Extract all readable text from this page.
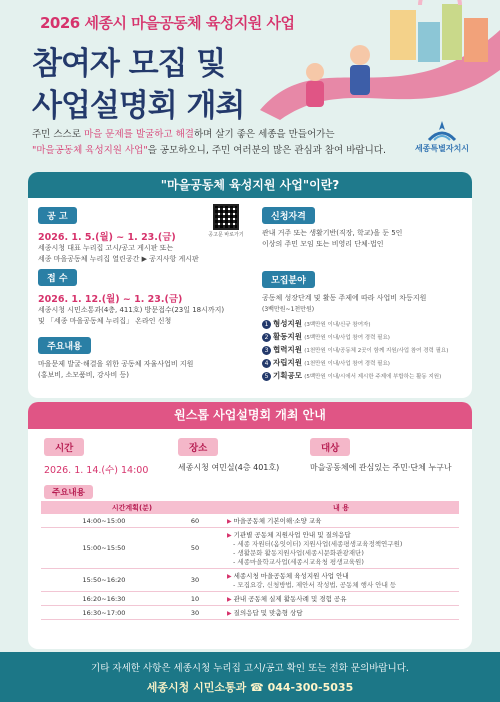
2026 세종시 마을공동체 육성지원 사업
참여자 모집 및
사업설명회 개최
주민 스스로 마을 문제를 발굴하고 해결하며 살기 좋은 세종을 만들어가는
"마을공동체 육성지원 사업"을 공모하오니, 주민 여러분의 많은 관심과 참여 바랍니다.	세종특별자치시
"마을공동체 육성지원 사업"이란?
공 고
2026. 1. 5.(월) ~ 1. 23.(금)
세종시청 대표 누리집 고시/공고 게시판 또는
세종 마을공동체 누리집 열린공간 ▶ 공지사항 게시판
공고문 바로가기
접 수
2026. 1. 12.(월) ~ 1. 23.(금)
세종시청 시민소통과(4층, 411호) 방문접수(23일 18시까지)
및 「세종 마을공동체 누리집」 온라인 신청
주요내용
마을문제 발굴·해결을 위한 공동체 자율사업비 지원
(홍보비, 소모품비, 강사비 등)
신청자격
관내 거주 또는 생활기반(직장, 학교)을 둔 5인
이상의 주민 모임 또는 비영리 단체·법인
모집분야
공동체 성장단계 및 활동 주제에 따라 사업비 차등지원
(3백만원~1천만원)
1 형성지원 (3백만원 이내/신규 참여자)
2 활동지원 (5백만원 이내/사업 참여 경력 필요)
3 협력지원 (1천만원 이내/공동체 2곳이 함께 지원/사업 참여 경력 필요)
4 자립지원 (1천만원 이내/사업 참여 경력 필요)
5 기획공모 (5백만원 이내/시에서 제시한 주제에 부합하는 활동 지원)
원스톱 사업설명회 개최 안내
시간
2026. 1. 14.(수) 14:00
장소
세종시청 여민실(4층 401호)
대상
마을공동체에 관심있는 주민·단체 누구나
주요내용
시간계획(분)		내 용
14:00~15:00	60	▶ 마을공동체 기본이해·소양 교육
15:00~15:50	50	▶ 기관별 공동체 지원사업 안내 및 질의응답
- 세종 자원터(옴잇이터) 지원사업(세종평생교육정책연구원)
- 생활문화 활동지원사업(세종시문화관광재단)
- 세종마을학교사업(세종시교육청 평생교육원)

15:50~16:20	30	▶ 세종시청 마을공동체 육성지원 사업 안내
- 모집요강, 신청방법, 제안서 작성법, 공동체 행사 안내 등

16:20~16:30	10	▶ 관내 공동체 실제 활동사례 및 경험 공유
16:30~17:00	30	▶ 질의응답 및 맞춤형 상담
기타 자세한 사항은 세종시청 누리집 고시/공고 확인 또는 전화 문의바랍니다.
세종시청 시민소통과 ☎ 044-300-5035
